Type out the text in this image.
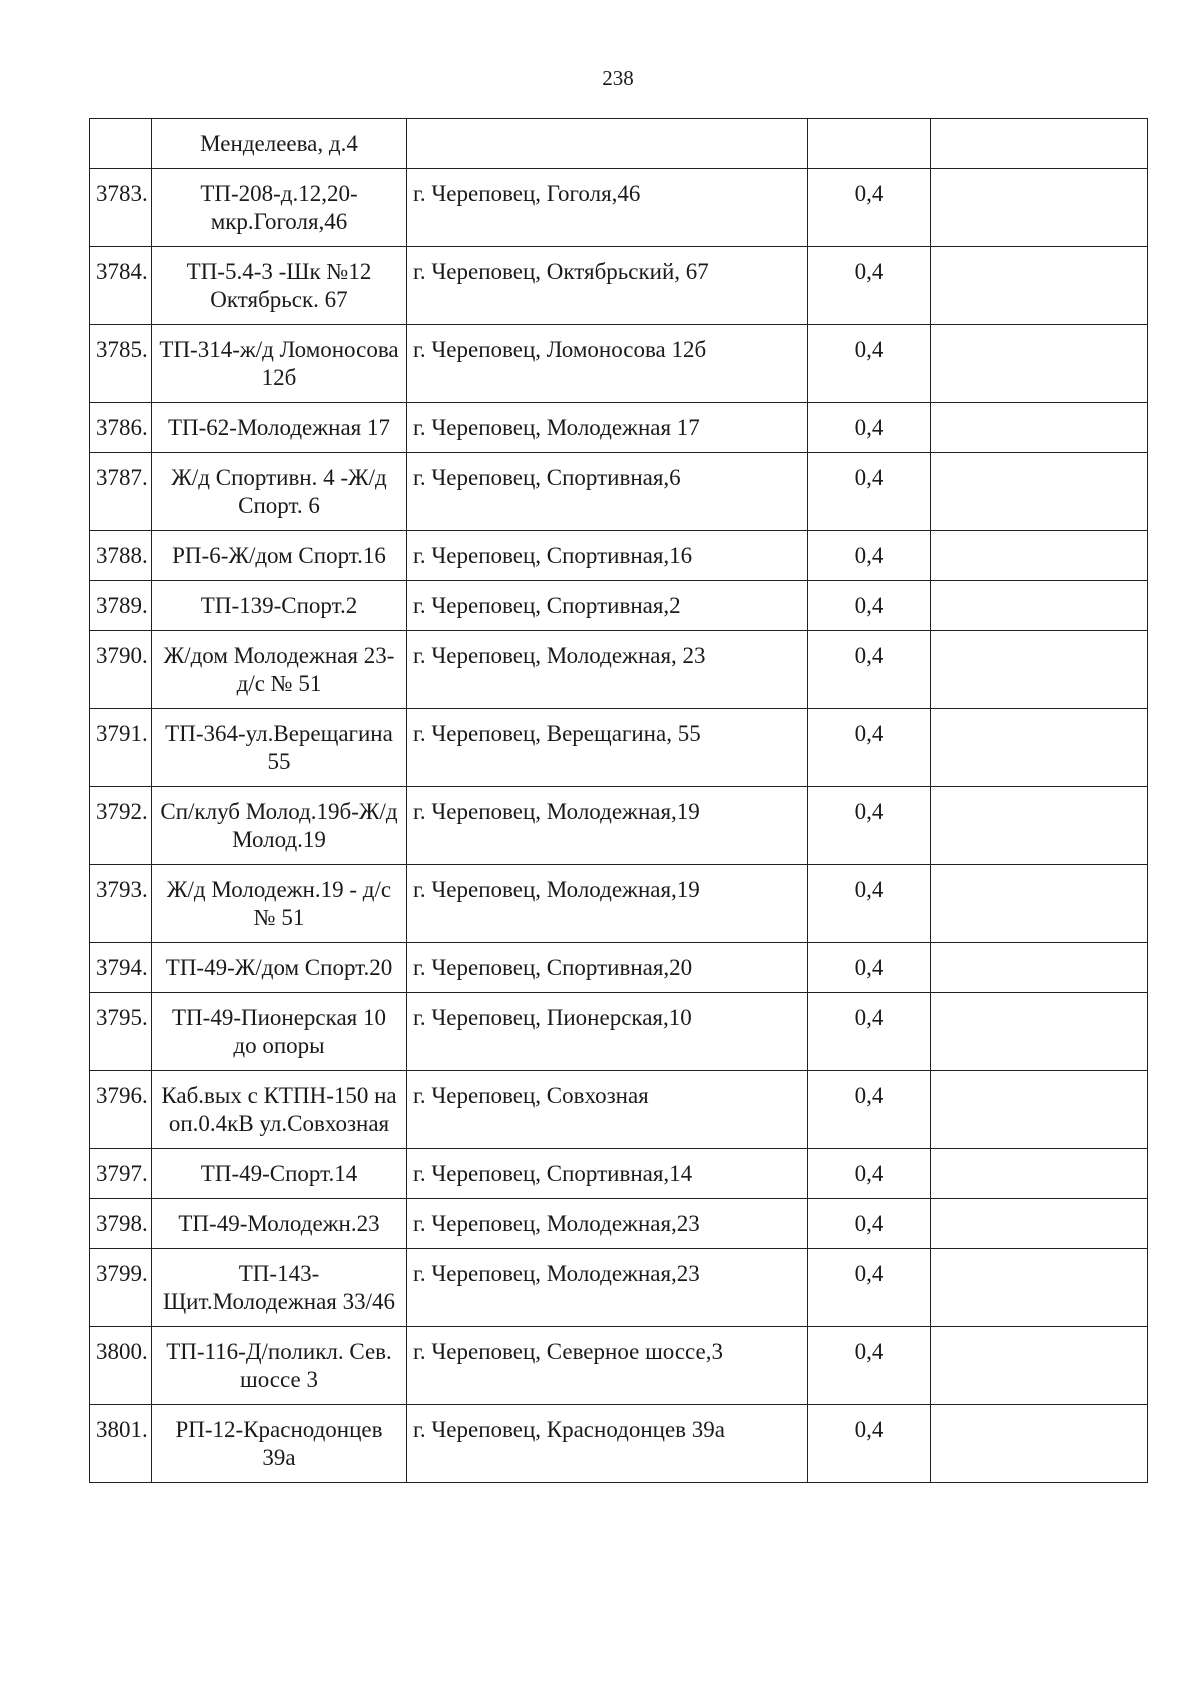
238
	Менделеева, д.4			
3783.	ТП-208-д.12,20-мкр.Гоголя,46	г. Череповец, Гоголя,46	0,4	
3784.	ТП-5.4-3 -Шк №12 Октябрьск. 67	г. Череповец, Октябрьский, 67	0,4	
3785.	ТП-314-ж/д Ломоносова 12б	г. Череповец, Ломоносова 12б	0,4	
3786.	ТП-62-Молодежная 17	г. Череповец, Молодежная 17	0,4	
3787.	Ж/д Спортивн. 4 -Ж/д Спорт. 6	г. Череповец, Спортивная,6	0,4	
3788.	РП-6-Ж/дом Спорт.16	г. Череповец, Спортивная,16	0,4	
3789.	ТП-139-Спорт.2	г. Череповец, Спортивная,2	0,4	
3790.	Ж/дом Молодежная 23- д/с № 51	г. Череповец, Молодежная, 23	0,4	
3791.	ТП-364-ул.Верещагина 55	г. Череповец, Верещагина, 55	0,4	
3792.	Сп/клуб Молод.19б-Ж/д Молод.19	г. Череповец, Молодежная,19	0,4	
3793.	Ж/д Молодежн.19 - д/с № 51	г. Череповец, Молодежная,19	0,4	
3794.	ТП-49-Ж/дом Спорт.20	г. Череповец, Спортивная,20	0,4	
3795.	ТП-49-Пионерская 10 до опоры	г. Череповец, Пионерская,10	0,4	
3796.	Каб.вых с КТПН-150 на оп.0.4кВ ул.Совхозная	г. Череповец, Совхозная	0,4	
3797.	ТП-49-Спорт.14	г. Череповец, Спортивная,14	0,4	
3798.	ТП-49-Молодежн.23	г. Череповец, Молодежная,23	0,4	
3799.	ТП-143-Щит.Молодежная 33/46	г. Череповец, Молодежная,23	0,4	
3800.	ТП-116-Д/поликл. Сев. шоссе 3	г. Череповец, Северное шоссе,3	0,4	
3801.	РП-12-Краснодонцев 39а	г. Череповец, Краснодонцев 39а	0,4	
